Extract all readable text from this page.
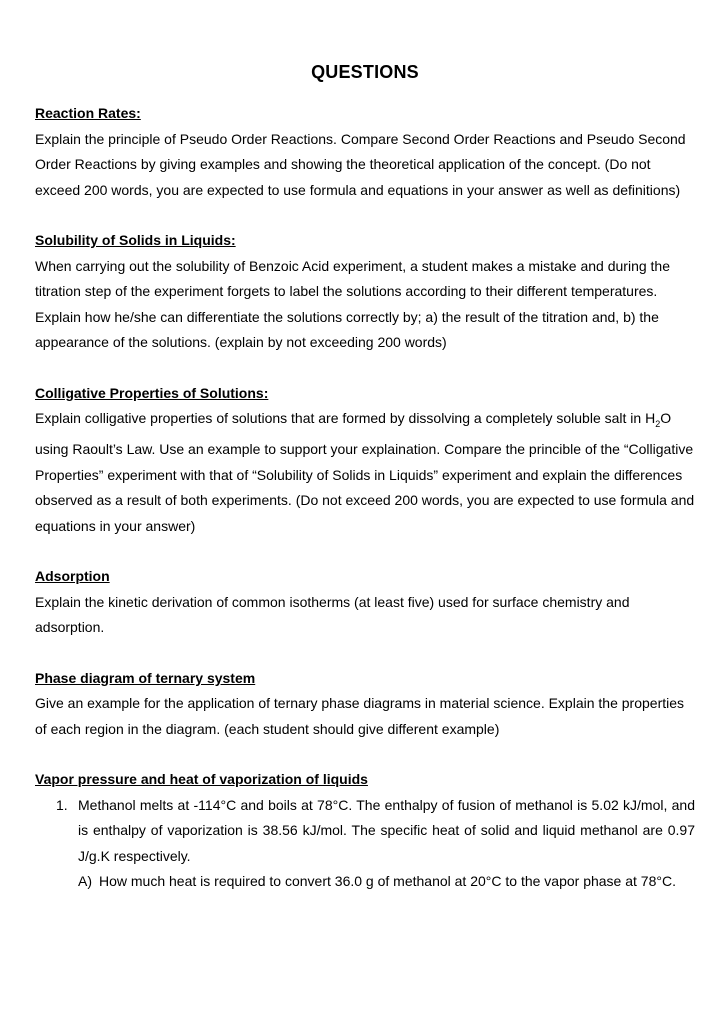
QUESTIONS

Reaction Rates:

Explain the principle of Pseudo Order Reactions. Compare Second Order Reactions and Pseudo Second Order Reactions by giving examples and showing the theoretical application of the concept. (Do not exceed 200 words, you are expected to use formula and equations in your answer as well as definitions)

Solubility of Solids in Liquids:

When carrying out the solubility of Benzoic Acid experiment, a student makes a mistake and during the titration step of the experiment forgets to label the solutions according to their different temperatures. Explain how he/she can differentiate the solutions correctly by; a) the result of the titration and, b) the appearance of the solutions. (explain by not exceeding 200 words)

Colligative Properties of Solutions:

Explain colligative properties of solutions that are formed by dissolving a completely soluble salt in $H_2O$ using Raoult’s Law. Use an example to support your explaination. Compare the princible of the “Colligative Properties” experiment with that of “Solubility of Solids in Liquids” experiment and explain the differences observed as a result of both experiments. (Do not exceed 200 words, you are expected to use formula and equations in your answer)

Adsorption

Explain the kinetic derivation of common isotherms (at least five) used for surface chemistry and adsorption.

Phase diagram of ternary system

Give an example for the application of ternary phase diagrams in material science. Explain the properties of each region in the diagram. (each student should give different example)

Vapor pressure and heat of vaporization of liquids

1. Methanol melts at -114°C and boils at 78°C. The enthalpy of fusion of methanol is 5.02 kJ/mol, and is enthalpy of vaporization is 38.56 kJ/mol. The specific heat of solid and liquid methanol are 0.97 J/g.K respectively.
A) How much heat is required to convert 36.0 g of methanol at 20°C to the vapor phase at 78°C.
